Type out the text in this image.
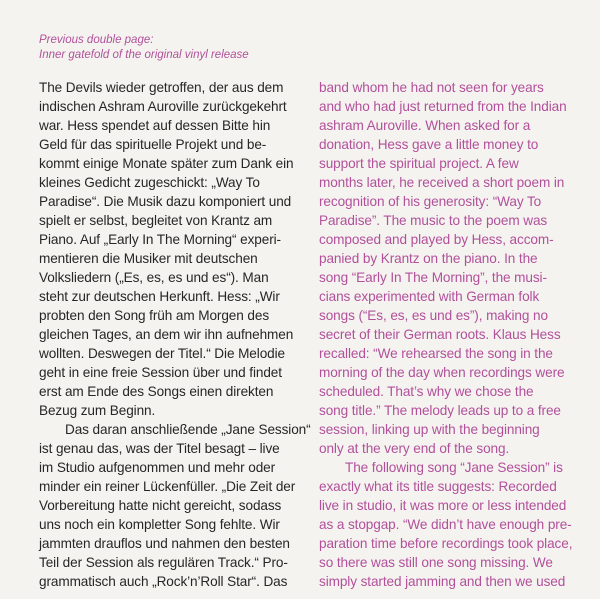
Previous double page:
Inner gatefold of the original vinyl release
The Devils wieder getroffen, der aus dem
indischen Ashram Auroville zurückgekehrt
war. Hess spendet auf dessen Bitte hin
Geld für das spirituelle Projekt und be-
kommt einige Monate später zum Dank ein
kleines Gedicht zugeschickt: „Way To
Paradise“. Die Musik dazu komponiert und
spielt er selbst, begleitet von Krantz am
Piano. Auf „Early In The Morning“ experi-
mentieren die Musiker mit deutschen
Volksliedern („Es, es, es und es“). Man
steht zur deutschen Herkunft. Hess: „Wir
probten den Song früh am Morgen des
gleichen Tages, an dem wir ihn aufnehmen
wollten. Deswegen der Titel.“ Die Melodie
geht in eine freie Session über und findet
erst am Ende des Songs einen direkten
Bezug zum Beginn.
Das daran anschließende „Jane Session“
ist genau das, was der Titel besagt – live
im Studio aufgenommen und mehr oder
minder ein reiner Lückenfüller. „Die Zeit der
Vorbereitung hatte nicht gereicht, sodass
uns noch ein kompletter Song fehlte. Wir
jammten drauflos und nahmen den besten
Teil der Session als regulären Track.“ Pro-
grammatisch auch „Rock’n’Roll Star“. Das
band whom he had not seen for years
and who had just returned from the Indian
ashram Auroville. When asked for a
donation, Hess gave a little money to
support the spiritual project. A few
months later, he received a short poem in
recognition of his generosity: “Way To
Paradise”. The music to the poem was
composed and played by Hess, accom-
panied by Krantz on the piano. In the
song “Early In The Morning”, the musi-
cians experimented with German folk
songs (“Es, es, es und es”), making no
secret of their German roots. Klaus Hess
recalled: “We rehearsed the song in the
morning of the day when recordings were
scheduled. That’s why we chose the
song title.” The melody leads up to a free
session, linking up with the beginning
only at the very end of the song.
The following song “Jane Session” is
exactly what its title suggests: Recorded
live in studio, it was more or less intended
as a stopgap. “We didn’t have enough pre-
paration time before recordings took place,
so there was still one song missing. We
simply started jamming and then we used
